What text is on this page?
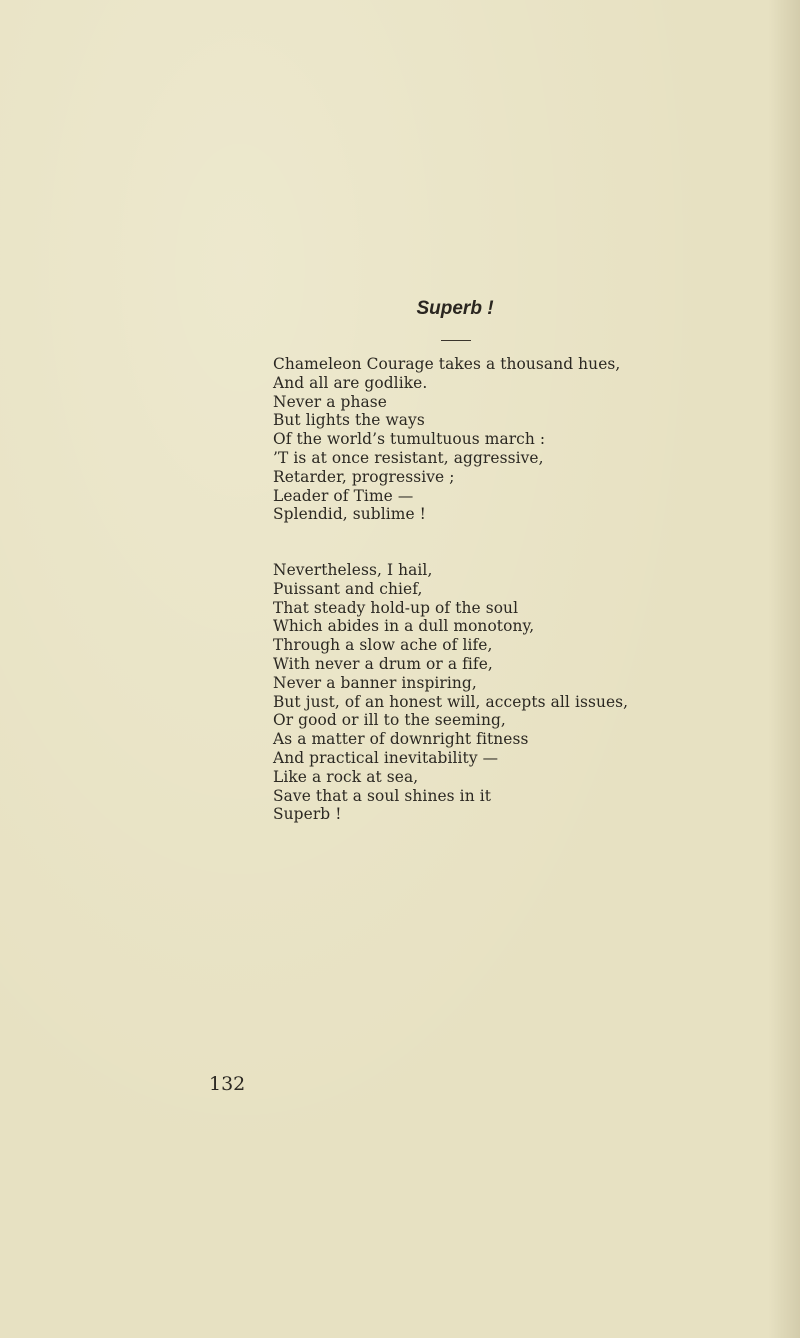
Superb !
Chameleon Courage takes a thousand hues,
And all are godlike.
Never a phase
But lights the ways
Of the world’s tumultuous march :
’T is at once resistant, aggressive,
Retarder, progressive ;
Leader of Time —
Splendid, sublime !
Nevertheless, I hail,
Puissant and chief,
That steady hold-up of the soul
Which abides in a dull monotony,
Through a slow ache of life,
With never a drum or a fife,
Never a banner inspiring,
But just, of an honest will, accepts all issues,
Or good or ill to the seeming,
As a matter of downright fitness
And practical inevitability —
Like a rock at sea,
Save that a soul shines in it
Superb !
132
